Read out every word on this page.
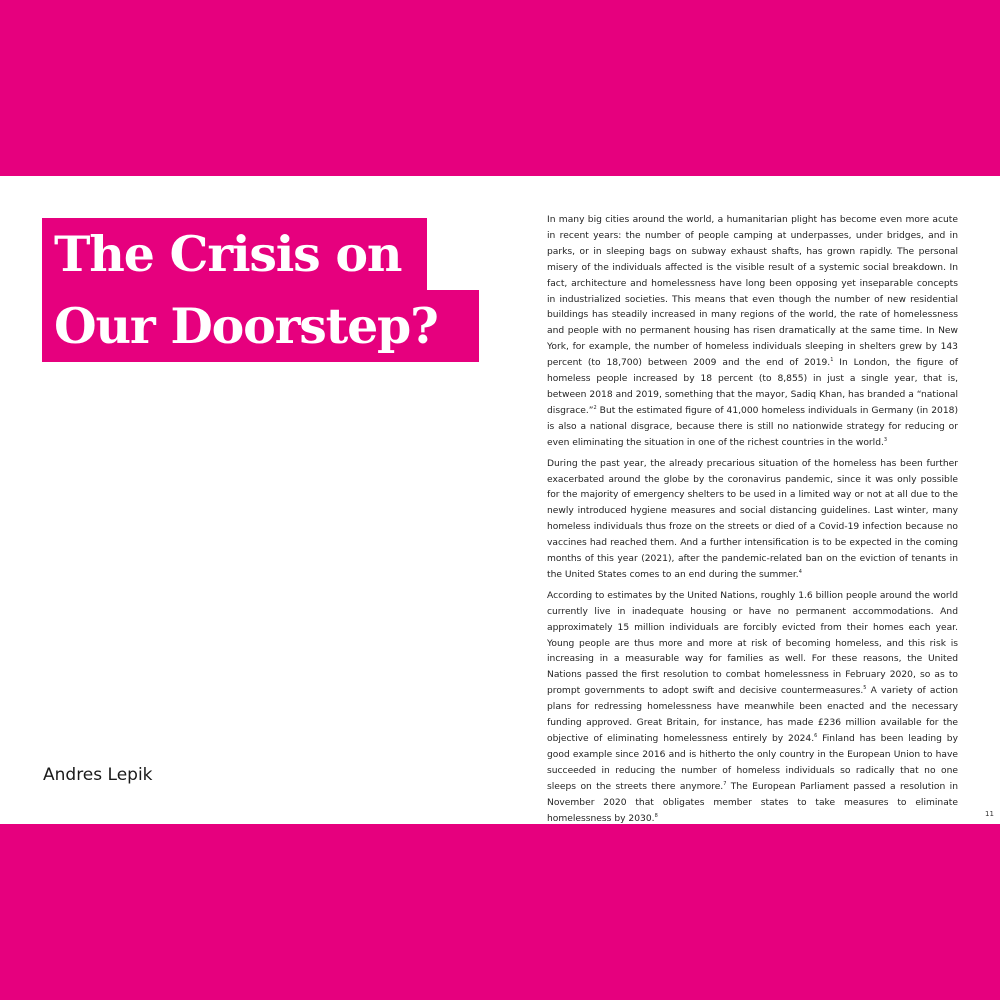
The Crisis on
Our Doorstep?
Andres Lepik

In many big cities around the world, a humanitarian plight has become even more acute in recent years: the number of people camping at underpasses, under bridges, and in parks, or in sleeping bags on subway exhaust shafts, has grown rapidly. The personal misery of the individuals affected is the visible result of a systemic social breakdown. In fact, architecture and homelessness have long been opposing yet inseparable concepts in industrialized societies. This means that even though the number of new residential buildings has steadily increased in many regions of the world, the rate of homelessness and people with no permanent housing has risen dramatically at the same time. In New York, for example, the number of homeless individuals sleeping in shelters grew by 143 percent (to 18,700) between 2009 and the end of 2019.$^1$ In London, the figure of homeless people increased by 18 percent (to 8,855) in just a single year, that is, between 2018 and 2019, something that the mayor, Sadiq Khan, has branded a “national disgrace.”$^2$ But the estimated figure of 41,000 homeless individuals in Germany (in 2018) is also a national disgrace, because there is still no nationwide strategy for reducing or even eliminating the situation in one of the richest countries in the world.$^3$

During the past year, the already precarious situation of the homeless has been further exacerbated around the globe by the coronavirus pandemic, since it was only possible for the majority of emergency shelters to be used in a limited way or not at all due to the newly introduced hygiene measures and social distancing guidelines. Last winter, many homeless individuals thus froze on the streets or died of a Covid-19 infection because no vaccines had reached them. And a further intensification is to be expected in the coming months of this year (2021), after the pandemic-related ban on the eviction of tenants in the United States comes to an end during the summer.$^4$

According to estimates by the United Nations, roughly 1.6 billion people around the world currently live in inadequate housing or have no permanent accommodations. And approximately 15 million individuals are forcibly evicted from their homes each year. Young people are thus more and more at risk of becoming homeless, and this risk is increasing in a measurable way for families as well. For these reasons, the United Nations passed the first resolution to combat homelessness in February 2020, so as to prompt governments to adopt swift and decisive countermeasures.$^5$ A variety of action plans for redressing homelessness have meanwhile been enacted and the necessary funding approved. Great Britain, for instance, has made £236 million available for the objective of eliminating homelessness entirely by 2024.$^6$ Finland has been leading by good example since 2016 and is hitherto the only country in the European Union to have succeeded in reducing the number of homeless individuals so radically that no one sleeps on the streets there anymore.$^7$ The European Parliament passed a resolution in November 2020 that obligates member states to take measures to eliminate homelessness by 2030.$^8$	11
